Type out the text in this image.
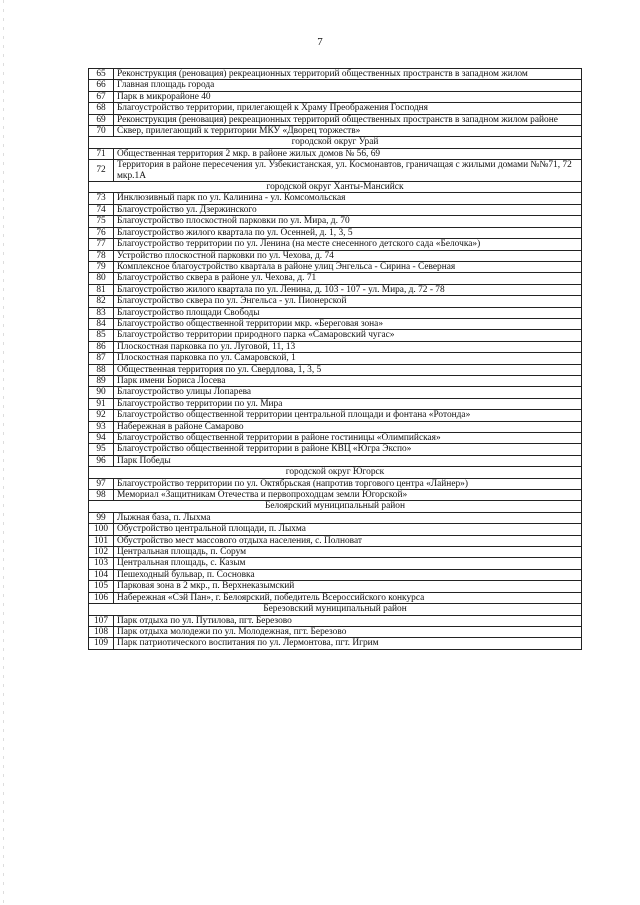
7
65	Реконструкция (реновация) рекреационных территорий общественных пространств в западном жилом
66	Главная площадь города
67	Парк в микрорайоне 40
68	Благоустройство территории, прилегающей к Храму Преображения Господня
69	Реконструкция (реновация) рекреационных территорий общественных пространств в западном жилом районе
70	Сквер, прилегающий к территории МКУ «Дворец торжеств»
городской округ Урай	
71	Общественная территория 2 мкр. в районе жилых домов № 56, 69
72	Территория в районе пересечения ул. Узбекистанская, ул. Космонавтов, граничащая с жилыми домами №№71, 72 мкр.1А
городской округ Ханты-Мансийск	
73	Инклюзивный парк по ул. Калинина - ул. Комсомольская
74	Благоустройство ул. Дзержинского
75	Благоустройство плоскостной парковки по ул. Мира, д. 70
76	Благоустройство жилого квартала по ул. Осенней, д. 1, 3, 5
77	Благоустройство территории по ул. Ленина (на месте снесенного детского сада «Белочка»)
78	Устройство плоскостной парковки по ул. Чехова, д. 74
79	Комплексное благоустройство квартала в районе улиц Энгельса - Сирина - Северная
80	Благоустройство сквера в районе ул. Чехова, д. 71
81	Благоустройство жилого квартала по ул. Ленина, д. 103 - 107 - ул. Мира, д. 72 - 78
82	Благоустройство сквера по ул. Энгельса - ул. Пионерской
83	Благоустройство площади Свободы
84	Благоустройство общественной территории мкр. «Береговая зона»
85	Благоустройство территории природного парка «Самаровский чугас»
86	Плоскостная парковка по ул. Луговой, 11, 13
87	Плоскостная парковка по ул. Самаровской, 1
88	Общественная территория по ул. Свердлова, 1, 3, 5
89	Парк имени Бориса Лосева
90	Благоустройство улицы Лопарева
91	Благоустройство территории по ул. Мира
92	Благоустройство общественной территории центральной площади и фонтана «Ротонда»
93	Набережная в районе Самарово
94	Благоустройство общественной территории в районе гостиницы «Олимпийская»
95	Благоустройство общественной территории в районе КВЦ «Югра Экспо»
96	Парк Победы
городской округ Югорск	
97	Благоустройство территории по ул. Октябрьская (напротив торгового центра «Лайнер»)
98	Мемориал «Защитникам Отечества и первопроходцам земли Югорской»
Белоярский муниципальный район	
99	Лыжная база, п. Лыхма
100	Обустройство центральной площади, п. Лыхма
101	Обустройство мест массового отдыха населения, с. Полноват
102	Центральная площадь, п. Сорум
103	Центральная площадь, с. Казым
104	Пешеходный бульвар, п. Сосновка
105	Парковая зона в 2 мкр., п. Верхнеказымский
106	Набережная «Сэй Пан», г. Белоярский, победитель Всероссийского конкурса
Березовский муниципальный район	
107	Парк отдыха по ул. Путилова, пгт. Березово
108	Парк отдыха молодежи по ул. Молодежная, пгт. Березово
109	Парк патриотического воспитания по ул. Лермонтова, пгт. Игрим
